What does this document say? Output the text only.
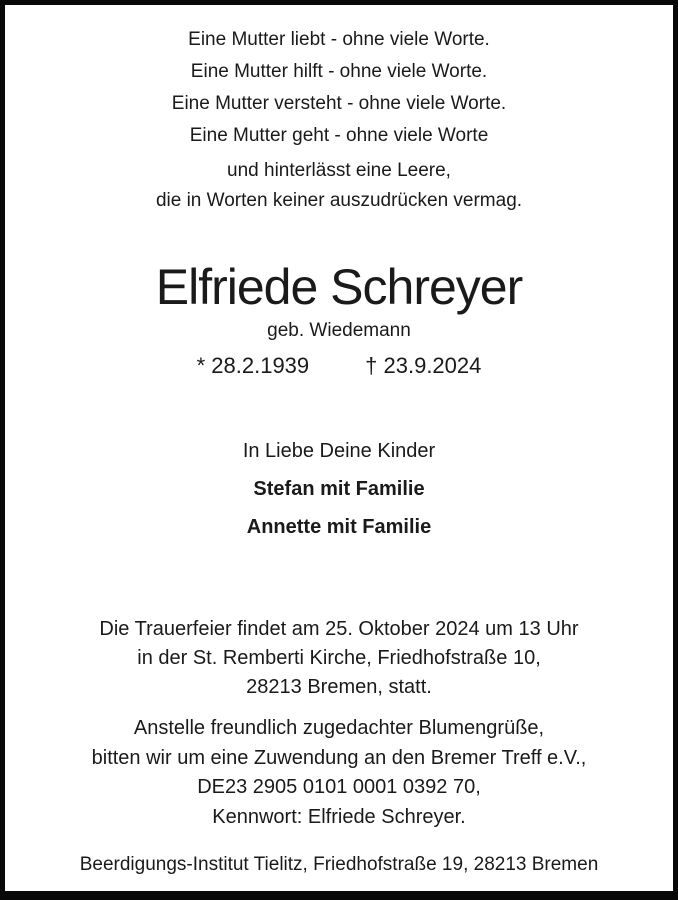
Eine Mutter liebt - ohne viele Worte.
Eine Mutter hilft - ohne viele Worte.
Eine Mutter versteht - ohne viele Worte.
Eine Mutter geht - ohne viele Worte
und hinterlässt eine Leere,
die in Worten keiner auszudrücken vermag.
Elfriede Schreyer
geb. Wiedemann
* 28.2.1939	† 23.9.2024
In Liebe Deine Kinder
Stefan mit Familie
Annette mit Familie
Die Trauerfeier findet am 25. Oktober 2024 um 13 Uhr
in der St. Remberti Kirche, Friedhofstraße 10,
28213 Bremen, statt.
Anstelle freundlich zugedachter Blumengrüße,
bitten wir um eine Zuwendung an den Bremer Treff e.V.,
DE23 2905 0101 0001 0392 70,
Kennwort: Elfriede Schreyer.
Beerdigungs-Institut Tielitz, Friedhofstraße 19, 28213 Bremen
